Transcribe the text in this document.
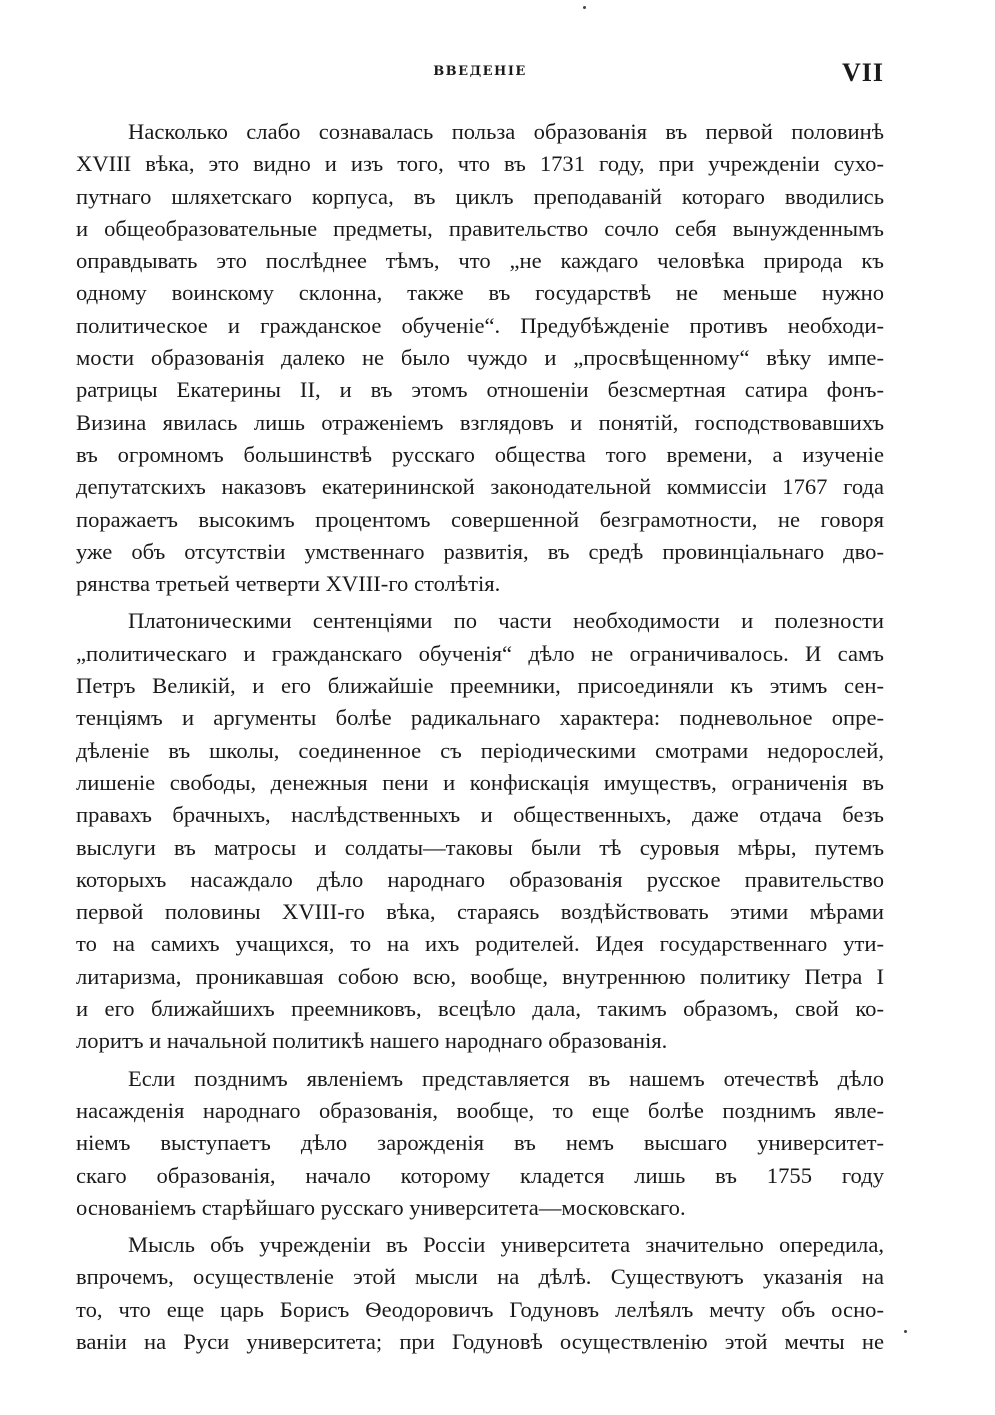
ВВЕДЕНІЕ	VII
Насколько слабо сознавалась польза образованія въ первой половинѣ
XVIII вѣка, это видно и изъ того, что въ 1731 году, при учрежденіи сухо-
путнаго шляхетскаго корпуса, въ циклъ преподаваній котораго вводились
и общеобразовательные предметы, правительство сочло себя вынужденнымъ
оправдывать это послѣднее тѣмъ, что „не каждаго человѣка природа къ
одному воинскому склонна, также въ государствѣ не меньше нужно
политическое и гражданское обученіе“. Предубѣжденіе противъ необходи-
мости образованія далеко не было чуждо и „просвѣщенному“ вѣку импе-
ратрицы Екатерины II, и въ этомъ отношеніи безсмертная сатира фонъ-
Визина явилась лишь отраженіемъ взглядовъ и понятій, господствовавшихъ
въ огромномъ большинствѣ русскаго общества того времени, а изученіе
депутатскихъ наказовъ екатерининской законодательной коммиссіи 1767 года
поражаетъ высокимъ процентомъ совершенной безграмотности, не говоря
уже объ отсутствіи умственнаго развитія, въ средѣ провинціальнаго дво-
рянства третьей четверти XVIII-го столѣтія.
Платоническими сентенціями по части необходимости и полезности
„политическаго и гражданскаго обученія“ дѣло не ограничивалось. И самъ
Петръ Великій, и его ближайшіе преемники, присоединяли къ этимъ сен-
тенціямъ и аргументы болѣе радикальнаго характера: подневольное опре-
дѣленіе въ школы, соединенное съ періодическими смотрами недорослей,
лишеніе свободы, денежныя пени и конфискація имуществъ, ограниченія въ
правахъ брачныхъ, наслѣдственныхъ и общественныхъ, даже отдача безъ
выслуги въ матросы и солдаты—таковы были тѣ суровыя мѣры, путемъ
которыхъ насаждало дѣло народнаго образованія русское правительство
первой половины XVIII-го вѣка, стараясь воздѣйствовать этими мѣрами
то на самихъ учащихся, то на ихъ родителей. Идея государственнаго ути-
литаризма, проникавшая собою всю, вообще, внутреннюю политику Петра I
и его ближайшихъ преемниковъ, всецѣло дала, такимъ образомъ, свой ко-
лоритъ и начальной политикѣ нашего народнаго образованія.
Если позднимъ явленіемъ представляется въ нашемъ отечествѣ дѣло
насажденія народнаго образованія, вообще, то еще болѣе позднимъ явле-
ніемъ выступаетъ дѣло зарожденія въ немъ высшаго университет-
скаго образованія, начало которому кладется лишь въ 1755 году
основаніемъ старѣйшаго русскаго университета—московскаго.
Мысль объ учрежденіи въ Россіи университета значительно опередила,
впрочемъ, осуществленіе этой мысли на дѣлѣ. Существуютъ указанія на
то, что еще царь Борисъ Ѳеодоровичъ Годуновъ лелѣялъ мечту объ осно-
ваніи на Руси университета; при Годуновѣ осуществленію этой мечты не
